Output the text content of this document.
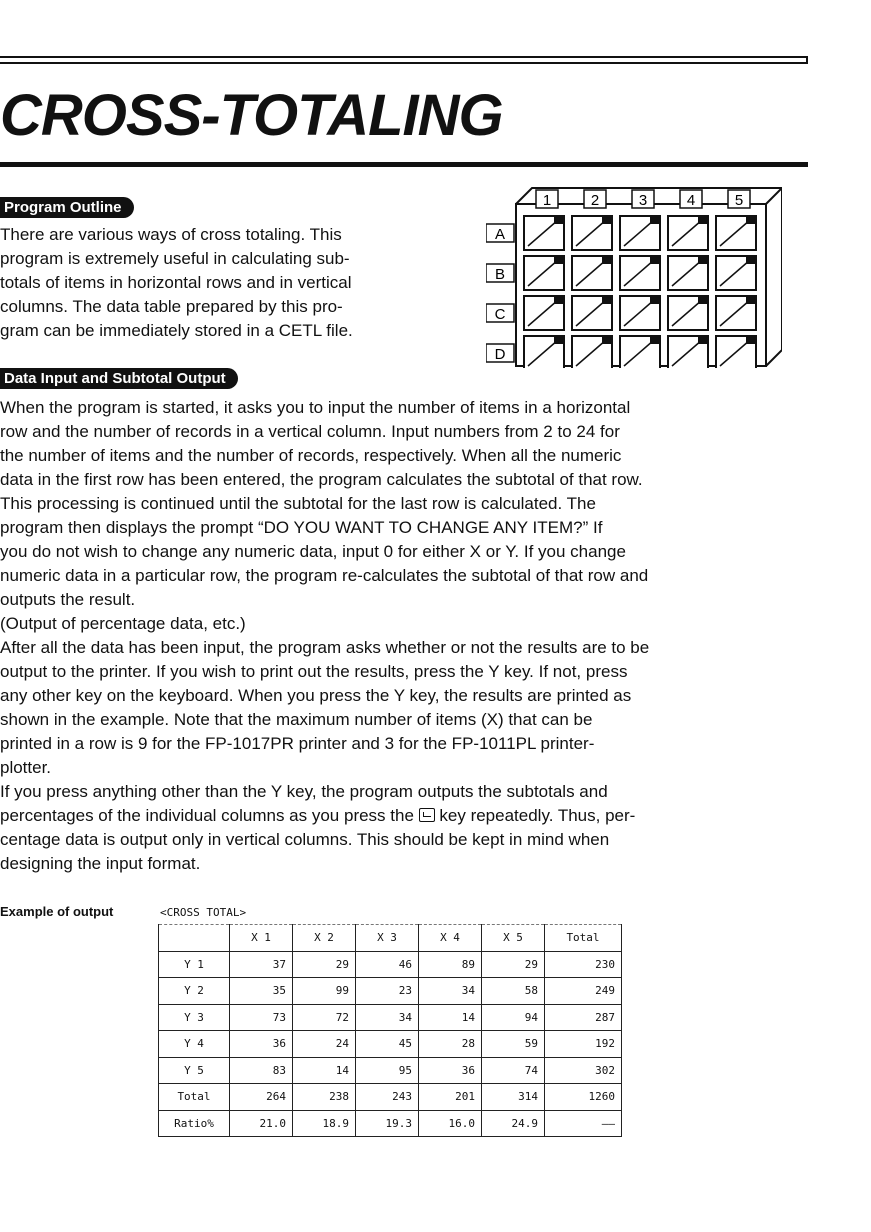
CROSS-TOTALING
Program Outline
There are various ways of cross totaling. This
program is extremely useful in calculating sub-
totals of items in horizontal rows and in vertical
columns. The data table prepared by this pro-
gram can be immediately stored in a CETL file.
1	2	3	4	5
A
B
C
D
Data Input and Subtotal Output
When the program is started, it asks you to input the number of items in a horizontal
row and the number of records in a vertical column. Input numbers from 2 to 24 for
the number of items and the number of records, respectively. When all the numeric
data in the first row has been entered, the program calculates the subtotal of that row.
This processing is continued until the subtotal for the last row is calculated. The
program then displays the prompt “DO YOU WANT TO CHANGE ANY ITEM?” If
you do not wish to change any numeric data, input 0 for either X or Y. If you change
numeric data in a particular row, the program re-calculates the subtotal of that row and
outputs the result.
(Output of percentage data, etc.)
After all the data has been input, the program asks whether or not the results are to be
output to the printer. If you wish to print out the results, press the Y key. If not, press
any other key on the keyboard. When you press the Y key, the results are printed as
shown in the example. Note that the maximum number of items (X) that can be
printed in a row is 9 for the FP-1017PR printer and 3 for the FP-1011PL printer-
plotter.
If you press anything other than the Y key, the program outputs the subtotals and
percentages of the individual columns as you press the key repeatedly. Thus, per-
centage data is output only in vertical columns. This should be kept in mind when
designing the input format.
Example of output	<CROSS TOTAL>
	X 1	X 2	X 3	X 4	X 5	Total
Y 1	37	29	46	89	29	230
Y 2	35	99	23	34	58	249
Y 3	73	72	34	14	94	287
Y 4	36	24	45	28	59	192
Y 5	83	14	95	36	74	302
Total	264	238	243	201	314	1260
Ratio%	21.0	18.9	19.3	16.0	24.9	——
